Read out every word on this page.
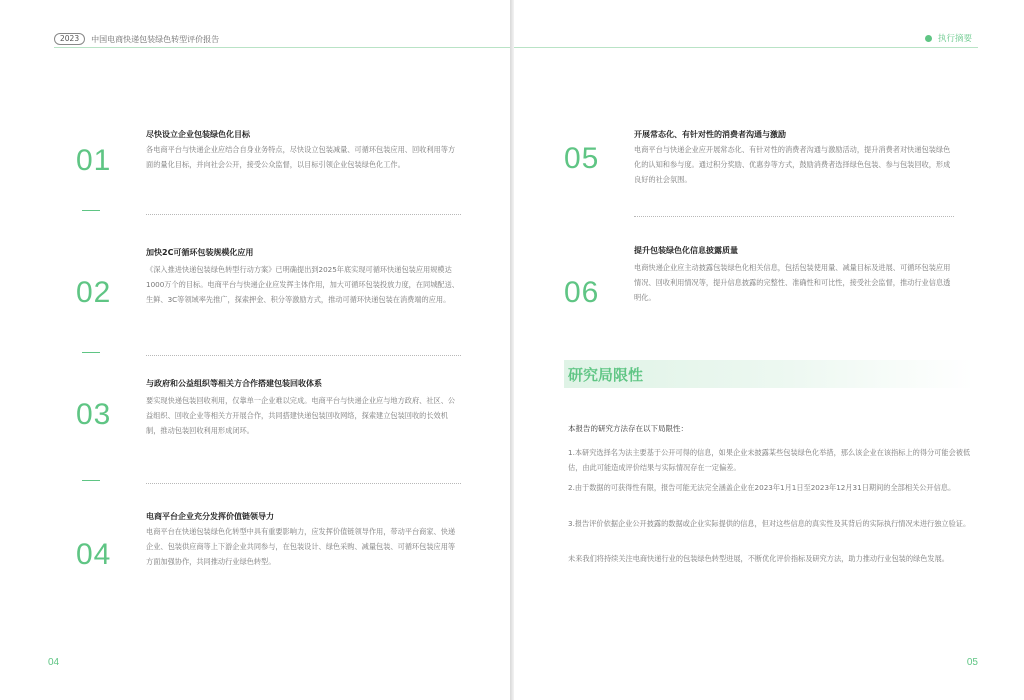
2023	中国电商快递包装绿色转型评价报告
01
尽快设立企业包装绿色化目标
各电商平台与快递企业应结合自身业务特点，尽快设立包装减量、可循环包装应用、回收利用等方面的量化目标，并向社会公开，接受公众监督，以目标引领企业包装绿色化工作。
02
加快2C可循环包装规模化应用
《深入推进快递包装绿色转型行动方案》已明确提出到2025年底实现可循环快递包装应用规模达1000万个的目标。电商平台与快递企业应发挥主体作用，加大可循环包装投放力度，在同城配送、生鲜、3C等领域率先推广，探索押金、积分等激励方式，推动可循环快递包装在消费端的应用。
03
与政府和公益组织等相关方合作搭建包装回收体系
要实现快递包装回收利用，仅靠单一企业难以完成。电商平台与快递企业应与地方政府、社区、公益组织、回收企业等相关方开展合作，共同搭建快递包装回收网络，探索建立包装回收的长效机制，推动包装回收利用形成闭环。
04
电商平台企业充分发挥价值链领导力
电商平台在快递包装绿色化转型中具有重要影响力，应发挥价值链领导作用，带动平台商家、快递企业、包装供应商等上下游企业共同参与，在包装设计、绿色采购、减量包装、可循环包装应用等方面加强协作，共同推动行业绿色转型。
04
执行摘要
05
开展常态化、有针对性的消费者沟通与激励
电商平台与快递企业应开展常态化、有针对性的消费者沟通与激励活动，提升消费者对快递包装绿色化的认知和参与度。通过积分奖励、优惠券等方式，鼓励消费者选择绿色包装、参与包装回收，形成良好的社会氛围。
06
提升包装绿色化信息披露质量
电商快递企业应主动披露包装绿色化相关信息，包括包装使用量、减量目标及进展、可循环包装应用情况、回收利用情况等，提升信息披露的完整性、准确性和可比性，接受社会监督，推动行业信息透明化。
研究局限性
本报告的研究方法存在以下局限性：
1.本研究选择名为法主要基于公开可得的信息，如果企业未披露某些包装绿色化举措，那么该企业在该指标上的得分可能会被低估，由此可能造成评价结果与实际情况存在一定偏差。
2.由于数据的可获得性有限，报告可能无法完全涵盖企业在2023年1月1日至2023年12月31日期间的全部相关公开信息。
3.报告评价依据企业公开披露的数据或企业实际提供的信息，但对这些信息的真实性及其背后的实际执行情况未进行独立验证。
未来我们将持续关注电商快递行业的包装绿色转型进展，不断优化评价指标及研究方法，助力推动行业包装的绿色发展。
05
